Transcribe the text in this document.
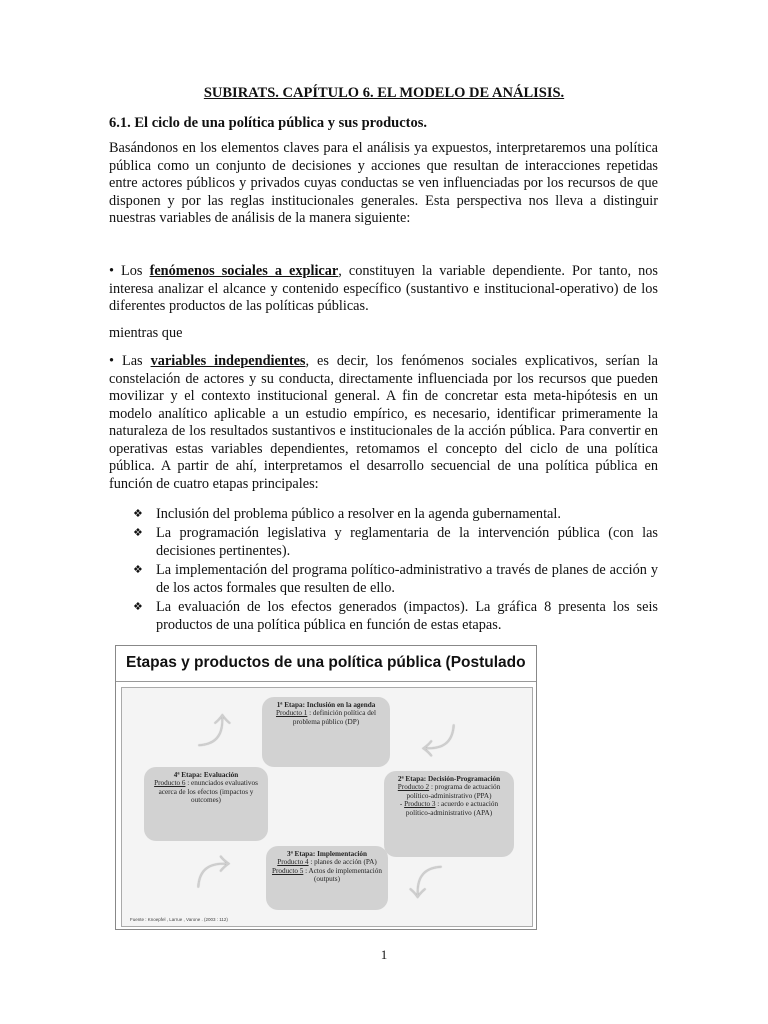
SUBIRATS. CAPÍTULO 6. EL MODELO DE ANÁLISIS.
6.1. El ciclo de una política pública y sus productos.

Basándonos en los elementos claves para el análisis ya expuestos, interpretaremos una política pública como un conjunto de decisiones y acciones que resultan de interacciones repetidas entre actores públicos y privados cuyas conductas se ven influenciadas por los recursos de que disponen y por las reglas institucionales generales. Esta perspectiva nos lleva a distinguir nuestras variables de análisis de la manera siguiente:

• Los fenómenos sociales a explicar, constituyen la variable dependiente. Por tanto, nos interesa analizar el alcance y contenido específico (sustantivo e institucional-operativo) de los diferentes productos de las políticas públicas.

mientras que

• Las variables independientes, es decir, los fenómenos sociales explicativos, serían la constelación de actores y su conducta, directamente influenciada por los recursos que pueden movilizar y el contexto institucional general. A fin de concretar esta meta-hipótesis en un modelo analítico aplicable a un estudio empírico, es necesario, identificar primeramente la naturaleza de los resultados sustantivos e institucionales de la acción pública. Para convertir en operativas estas variables dependientes, retomamos el concepto del ciclo de una política pública. A partir de ahí, interpretamos el desarrollo secuencial de una política pública en función de cuatro etapas principales:

❖ Inclusión del problema público a resolver en la agenda gubernamental.
❖ La programación legislativa y reglamentaria de la intervención pública (con las decisiones pertinentes).
❖ La implementación del programa político-administrativo a través de planes de acción y de los actos formales que resulten de ello.
❖ La evaluación de los efectos generados (impactos). La gráfica 8 presenta los seis productos de una política pública en función de estas etapas.
Etapas y productos de una política pública (Postulado
1ª Etapa: Inclusión en la agenda
Producto 1 : definición política del problema público (DP)
2ª Etapa: Decisión-Programación
Producto 2 : programa de actuación político-administrativo (PPA)
- Producto 3 : acuerdo e actuación político-administrativo (APA)
4ª Etapa: Evaluación
Producto 6 : enunciados evaluativos acerca de los efectos (impactos y outcomes)
3ª Etapa: Implementación
Producto 4 : planes de acción (PA)
Producto 5 : Actos de implementación (outputs)
⤴	⤵
⤴
⤵
Fuente : Knoepfel , Larrue , Varone . (2003 : 112)
1
